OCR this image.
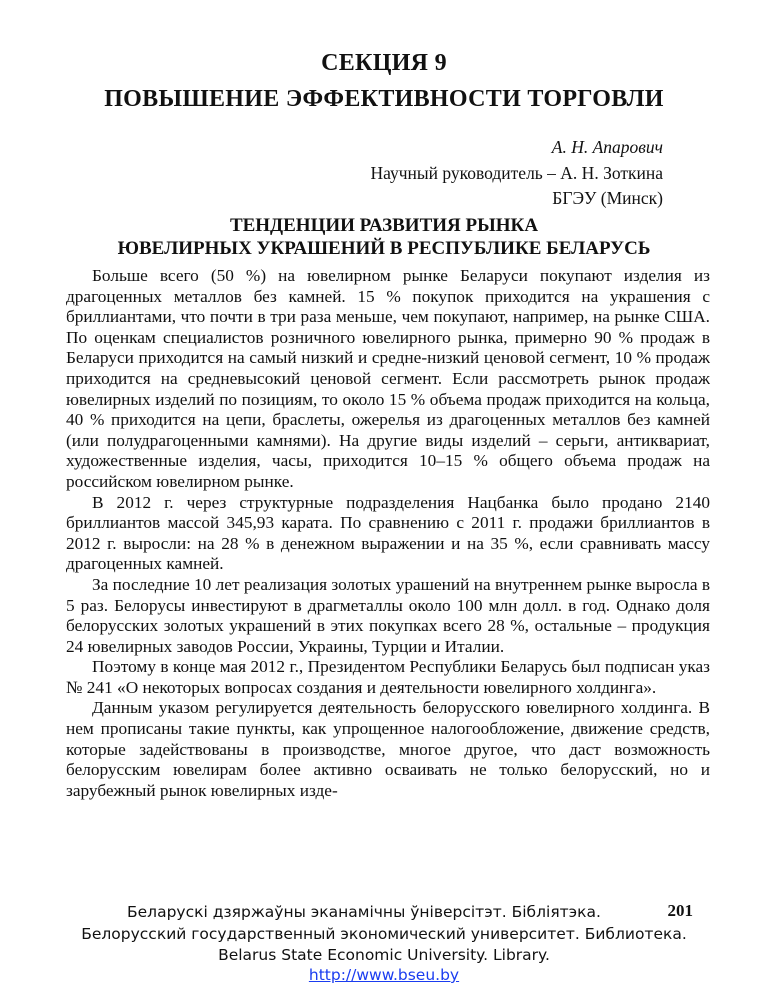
СЕКЦИЯ 9
ПОВЫШЕНИЕ ЭФФЕКТИВНОСТИ ТОРГОВЛИ
А. Н. Апарович
Научный руководитель – А. Н. Зоткина
БГЭУ (Минск)
ТЕНДЕНЦИИ РАЗВИТИЯ РЫНКА
ЮВЕЛИРНЫХ УКРАШЕНИЙ В РЕСПУБЛИКЕ БЕЛАРУСЬ

Больше всего (50 %) на ювелирном рынке Беларуси покупают изделия из драгоценных металлов без камней. 15 % покупок приходится на украшения с бриллиантами, что почти в три раза меньше, чем покупают, например, на рынке США. По оценкам специалистов розничного ювелирного рынка, примерно 90 % продаж в Беларуси приходится на самый низкий и средне-низкий ценовой сегмент, 10 % продаж приходится на средневысокий ценовой сегмент. Если рассмотреть рынок продаж ювелирных изделий по позициям, то около 15 % объема продаж приходится на кольца, 40 % приходится на цепи, браслеты, ожерелья из драгоценных металлов без камней (или полудрагоценными камнями). На другие виды изделий – серьги, антиквариат, художественные изделия, часы, приходится 10–15 % общего объема продаж на российском ювелирном рынке.

В 2012 г. через структурные подразделения Нацбанка было продано 2140 бриллиантов массой 345,93 карата. По сравнению с 2011 г. продажи бриллиантов в 2012 г. выросли: на 28 % в денежном выражении и на 35 %, если сравнивать массу драгоценных камней.

За последние 10 лет реализация золотых урашений на внутреннем рынке выросла в 5 раз. Белорусы инвестируют в драгметаллы около 100 млн долл. в год. Однако доля белорусских золотых украшений в этих покупках всего 28 %, остальные – продукция 24 ювелирных заводов России, Украины, Турции и Италии.

Поэтому в конце мая 2012 г., Президентом Республики Беларусь был подписан указ № 241 «О некоторых вопросах создания и деятельности ювелирного холдинга».

Данным указом регулируется деятельность белорусского ювелирного холдинга. В нем прописаны такие пункты, как упрощенное налогообложение, движение средств, которые задействованы в производстве, многое другое, что даст возможность белорусским ювелирам более активно осваивать не только белорусский, но и зарубежный рынок ювелирных изде-

201
Беларускі дзяржаўны эканамічны ўніверсітэт. Бібліятэка.
Белорусский государственный экономический университет. Библиотека.
Belarus State Economic University. Library.
http://www.bseu.by
